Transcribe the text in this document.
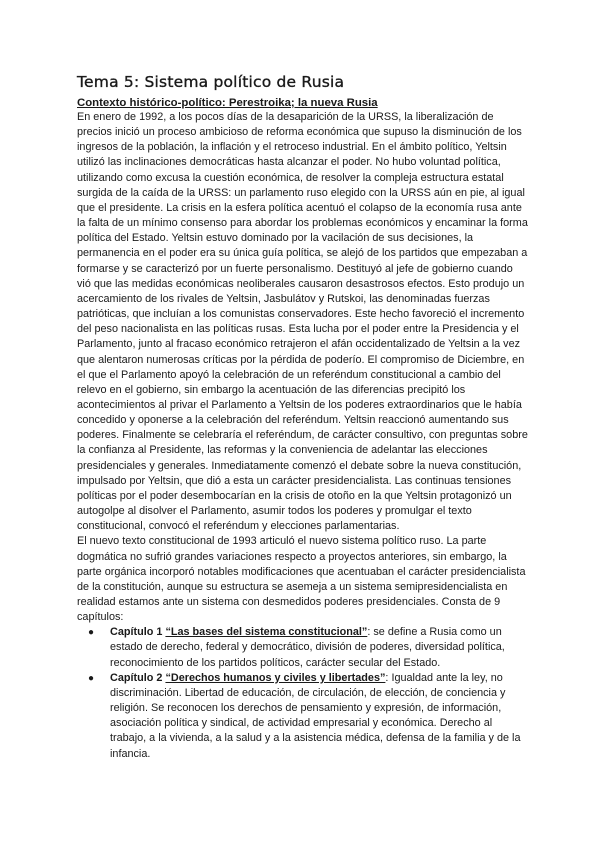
Tema 5: Sistema político de Rusia

Contexto histórico-político: Perestroika; la nueva Rusia

En enero de 1992, a los pocos días de la desaparición de la URSS, la liberalización de precios inició un proceso ambicioso de reforma económica que supuso la disminución de los ingresos de la población, la inflación y el retroceso industrial. En el ámbito político, Yeltsin utilizó las inclinaciones democráticas hasta alcanzar el poder. No hubo voluntad política, utilizando como excusa la cuestión económica, de resolver la compleja estructura estatal surgida de la caída de la URSS: un parlamento ruso elegido con la URSS aún en pie, al igual que el presidente. La crisis en la esfera política acentuó el colapso de la economía rusa ante la falta de un mínimo consenso para abordar los problemas económicos y encaminar la forma política del Estado. Yeltsin estuvo dominado por la vacilación de sus decisiones, la permanencia en el poder era su única guía política, se alejó de los partidos que empezaban a formarse y se caracterizó por un fuerte personalismo. Destituyó al jefe de gobierno cuando vió que las medidas económicas neoliberales causaron desastrosos efectos. Esto produjo un acercamiento de los rivales de Yeltsin, Jasbulátov y Rutskoi, las denominadas fuerzas patrióticas, que incluían a los comunistas conservadores. Este hecho favoreció el incremento del peso nacionalista en las políticas rusas. Esta lucha por el poder entre la Presidencia y el Parlamento, junto al fracaso económico retrajeron el afán occidentalizado de Yeltsin a la vez que alentaron numerosas críticas por la pérdida de poderío. El compromiso de Diciembre, en el que el Parlamento apoyó la celebración de un referéndum constitucional a cambio del relevo en el gobierno, sin embargo la acentuación de las diferencias precipitó los acontecimientos al privar el Parlamento a Yeltsin de los poderes extraordinarios que le había concedido y oponerse a la celebración del referéndum. Yeltsin reaccionó aumentando sus poderes. Finalmente se celebraría el referéndum, de carácter consultivo, con preguntas sobre la confianza al Presidente, las reformas y la conveniencia de adelantar las elecciones presidenciales y generales. Inmediatamente comenzó el debate sobre la nueva constitución, impulsado por Yeltsin, que dió a esta un carácter presidencialista. Las continuas tensiones políticas por el poder desembocarían en la crisis de otoño en la que Yeltsin protagonizó un autogolpe al disolver el Parlamento, asumir todos los poderes y promulgar el texto constitucional, convocó el referéndum y elecciones parlamentarias.

El nuevo texto constitucional de 1993 articuló el nuevo sistema político ruso. La parte dogmática no sufrió grandes variaciones respecto a proyectos anteriores, sin embargo, la parte orgánica incorporó notables modificaciones que acentuaban el carácter presidencialista de la constitución, aunque su estructura se asemeja a un sistema semipresidencialista en realidad estamos ante un sistema con desmedidos poderes presidenciales. Consta de 9 capítulos:

● Capítulo 1 “Las bases del sistema constitucional”: se define a Rusia como un estado de derecho, federal y democrático, división de poderes, diversidad política, reconocimiento de los partidos políticos, carácter secular del Estado.
● Capítulo 2 “Derechos humanos y civiles y libertades”: Igualdad ante la ley, no discriminación. Libertad de educación, de circulación, de elección, de conciencia y religión. Se reconocen los derechos de pensamiento y expresión, de información, asociación política y sindical, de actividad empresarial y económica. Derecho al trabajo, a la vivienda, a la salud y a la asistencia médica, defensa de la familia y de la infancia.
